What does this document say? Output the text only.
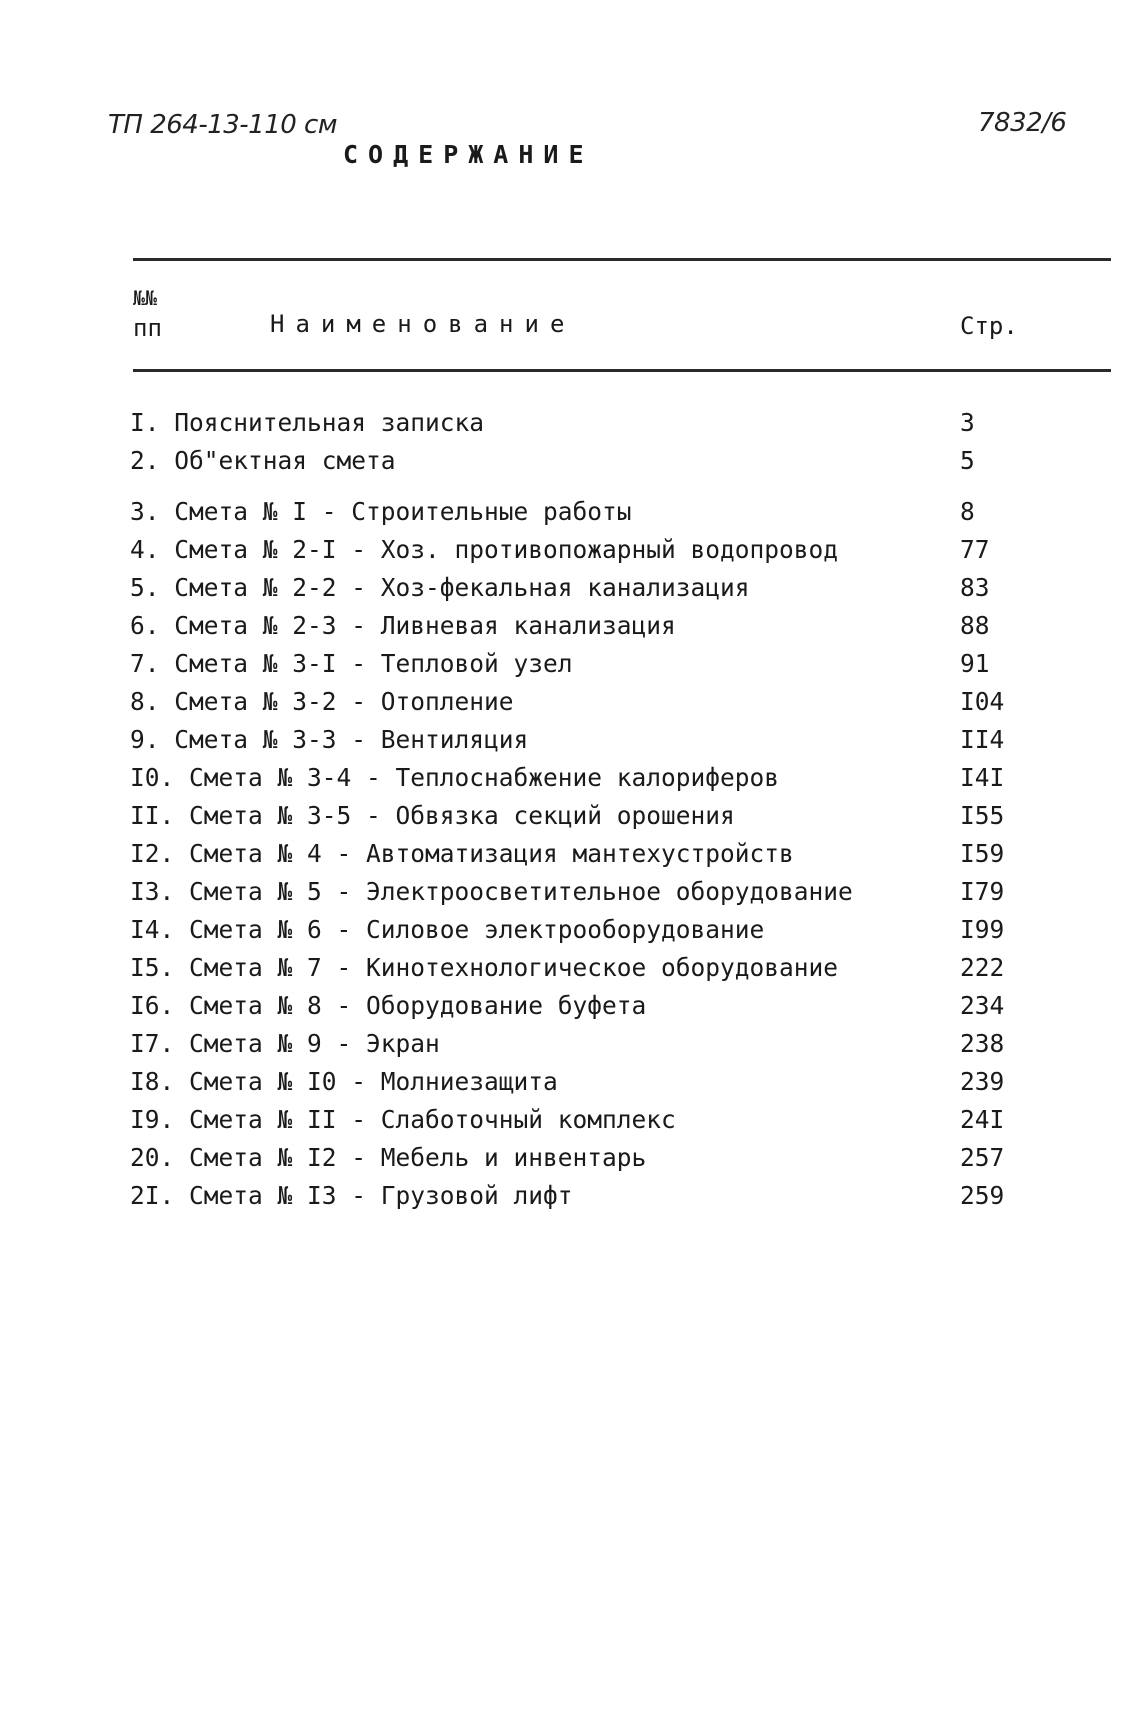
ТП 264-13-110 см	7832/6
СОДЕРЖАНИЕ
№№
пп	Наименование	Стр.
I. Пояснительная записка	3
2. Об"ектная смета	5
3. Смета № I - Строительные работы	8
4. Смета № 2-I - Хоз. противопожарный водопровод	77
5. Смета № 2-2 - Хоз-фекальная канализация	83
6. Смета № 2-3 - Ливневая канализация	88
7. Смета № 3-I - Тепловой узел	91
8. Смета № 3-2 - Отопление	I04
9. Смета № 3-3 - Вентиляция	II4
I0. Смета № 3-4 - Теплоснабжение калориферов	I4I
II. Смета № 3-5 - Обвязка секций орошения	I55
I2. Смета № 4 - Автоматизация мантехустройств	I59
I3. Смета № 5 - Электроосветительное оборудование	I79
I4. Смета № 6 - Силовое электрооборудование	I99
I5. Смета № 7 - Кинотехнологическое оборудование	222
I6. Смета № 8 - Оборудование буфета	234
I7. Смета № 9 - Экран	238
I8. Смета № I0 - Молниезащита	239
I9. Смета № II - Слаботочный комплекс	24I
20. Смета № I2 - Мебель и инвентарь	257
2I. Смета № I3 - Грузовой лифт	259
